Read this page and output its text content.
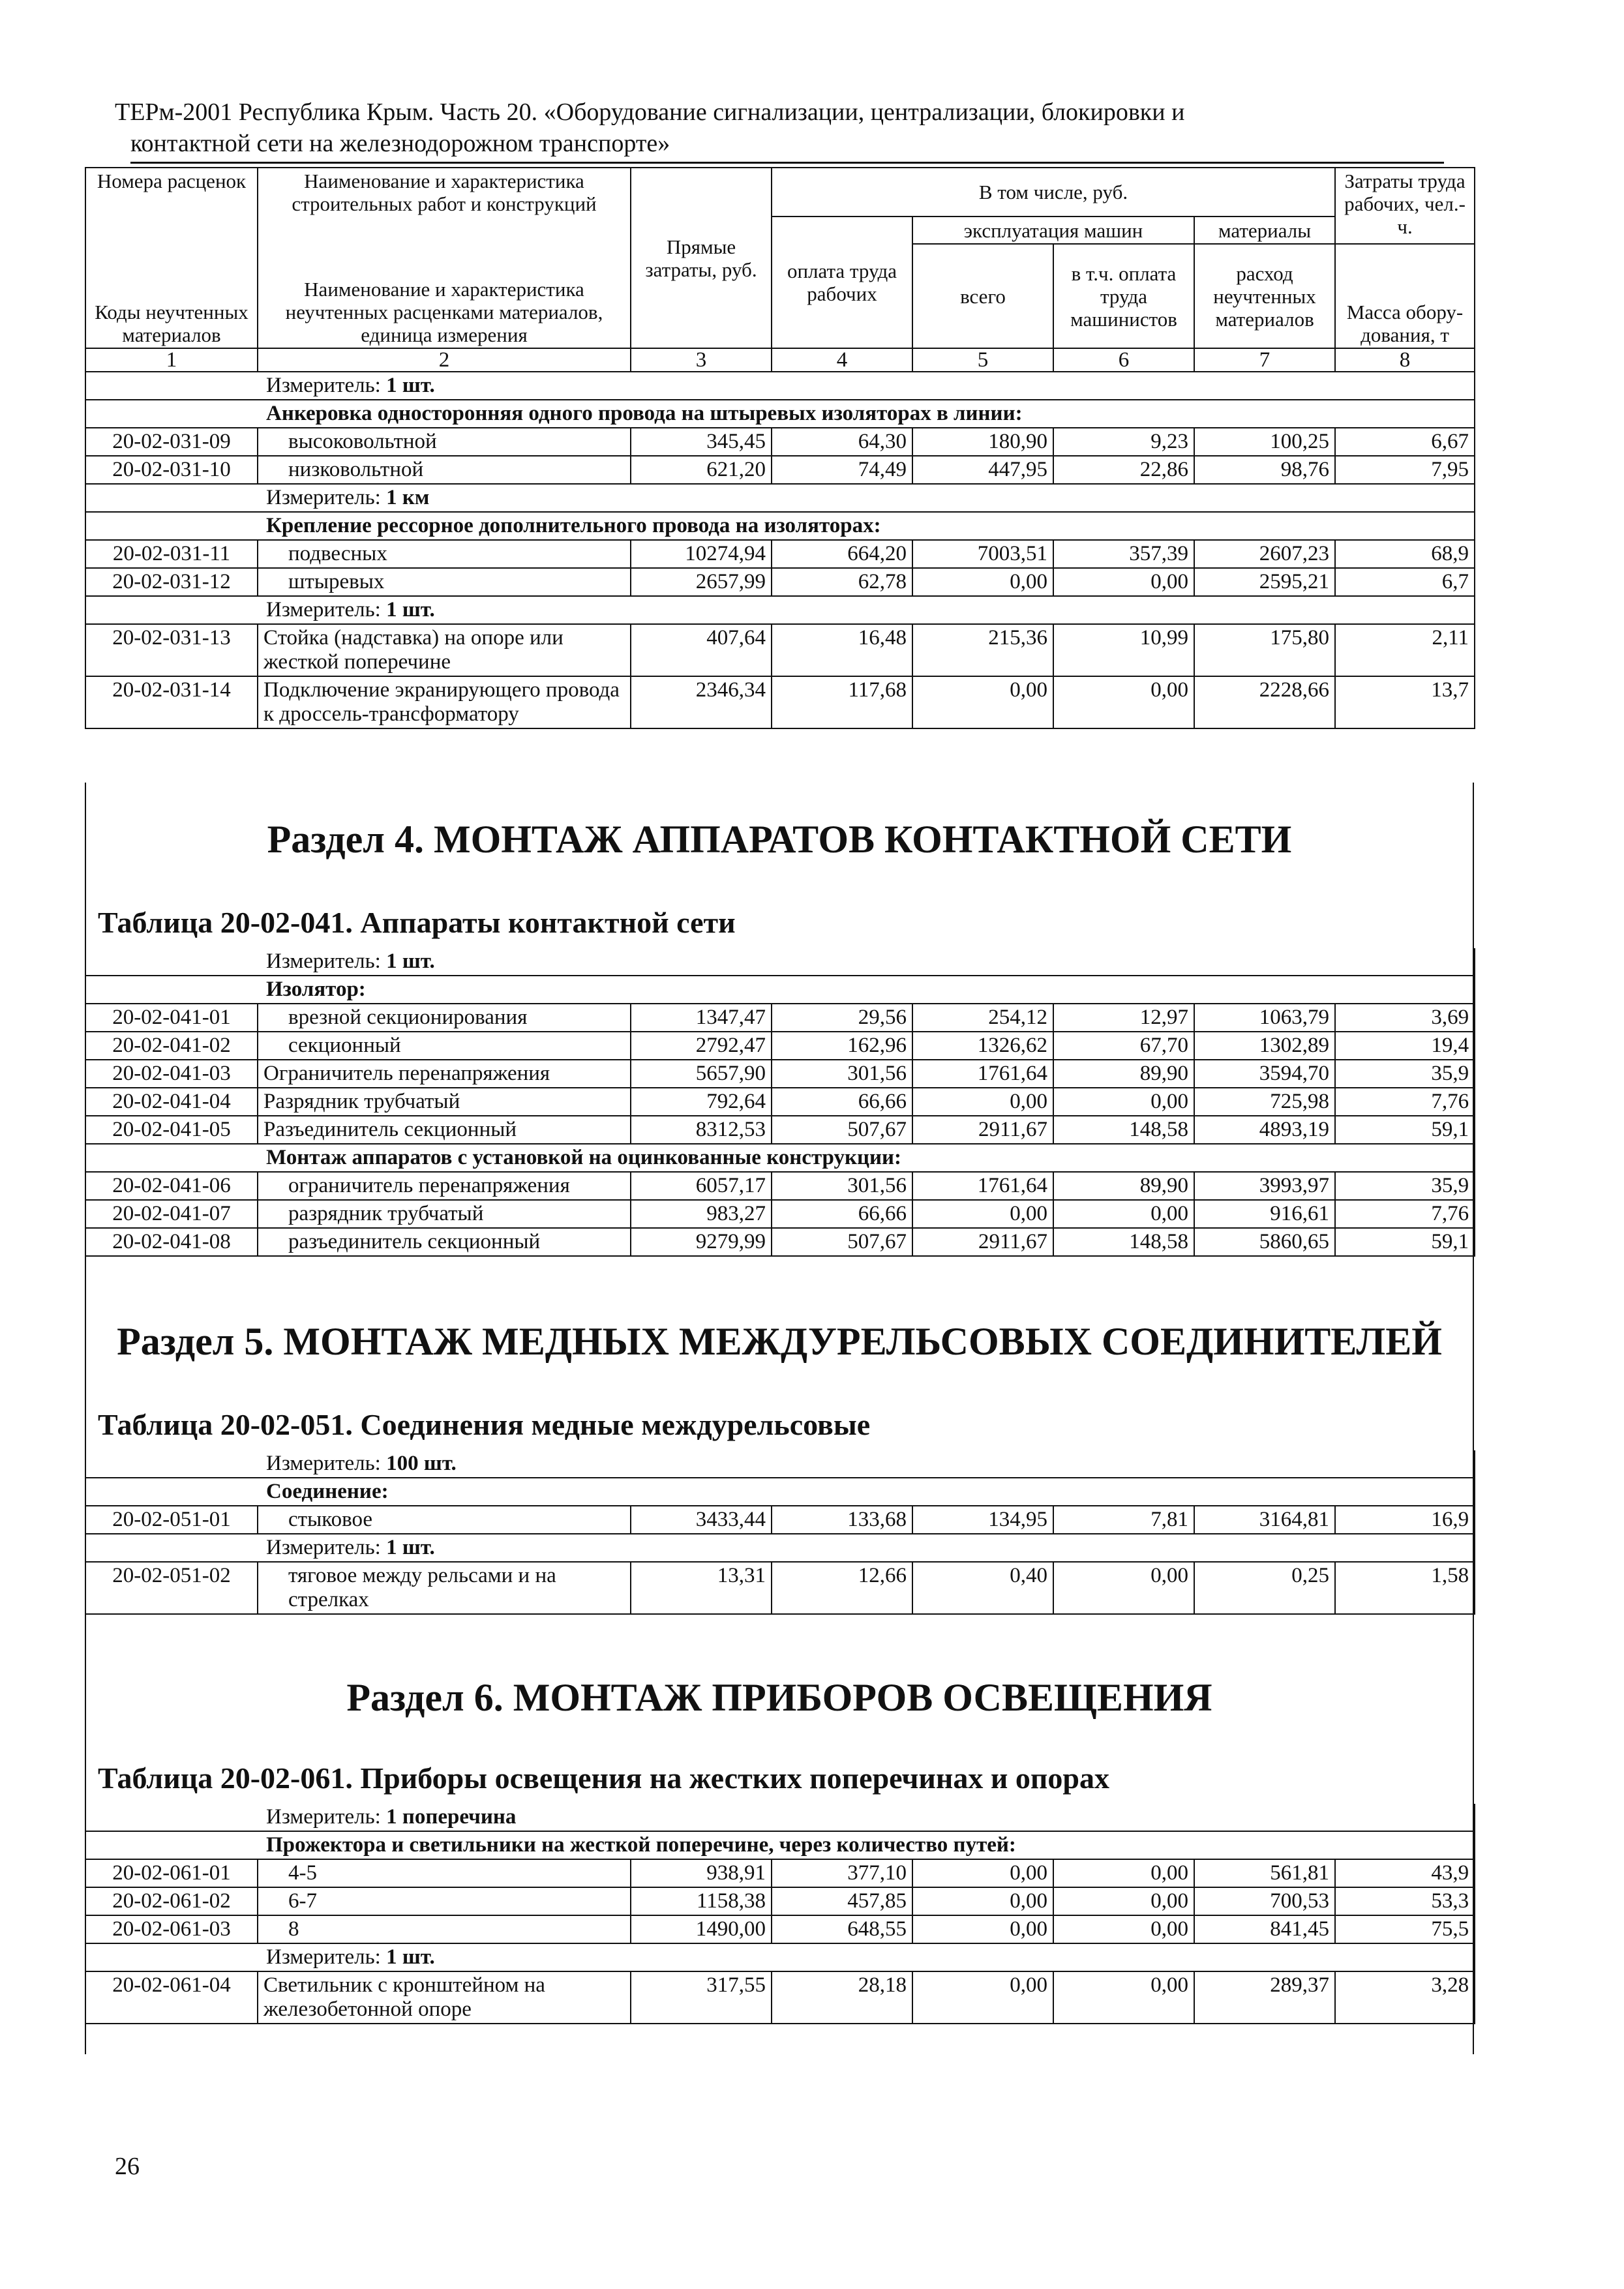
ТЕРм-2001 Республика Крым. Часть 20. «Оборудование сигнализации, централизации, блокировки и
контактной сети на железнодорожном транспорте»
Номера расценок	Наименование и характеристика строительных работ и конструкций	Прямые затраты, руб.	В том числе, руб.				Затраты труда рабочих, чел.-ч.
			оплата труда рабочих	эксплуатация машин		материалы	
Коды неучтенных материалов	Наименование и характеристика неучтенных расценками материалов, единица измерения			всего	в т.ч. оплата труда машинистов	расход неучтенных материалов	Масса обору-дования, т
1	2	3	4	5	6	7	8
Измеритель: 1 шт.							
Анкеровка односторонняя одного провода на штыревых изоляторах в линии:							
20-02-031-09	высоковольтной	345,45	64,30	180,90	9,23	100,25	6,67
20-02-031-10	низковольтной	621,20	74,49	447,95	22,86	98,76	7,95
Измеритель: 1 км							
Крепление рессорное дополнительного провода на изоляторах:							
20-02-031-11	подвесных	10274,94	664,20	7003,51	357,39	2607,23	68,9
20-02-031-12	штыревых	2657,99	62,78	0,00	0,00	2595,21	6,7
Измеритель: 1 шт.							
20-02-031-13	Стойка (надставка) на опоре или жесткой поперечине	407,64	16,48	215,36	10,99	175,80	2,11
20-02-031-14	Подключение экранирующего провода к дроссель-трансформатору	2346,34	117,68	0,00	0,00	2228,66	13,7
Раздел 4. МОНТАЖ АППАРАТОВ КОНТАКТНОЙ СЕТИ
Таблица 20-02-041. Аппараты контактной сети
Измеритель: 1 шт.							
Изолятор:							
20-02-041-01	врезной секционирования	1347,47	29,56	254,12	12,97	1063,79	3,69
20-02-041-02	секционный	2792,47	162,96	1326,62	67,70	1302,89	19,4
20-02-041-03	Ограничитель перенапряжения	5657,90	301,56	1761,64	89,90	3594,70	35,9
20-02-041-04	Разрядник трубчатый	792,64	66,66	0,00	0,00	725,98	7,76
20-02-041-05	Разъединитель секционный	8312,53	507,67	2911,67	148,58	4893,19	59,1
Монтаж аппаратов с установкой на оцинкованные конструкции:							
20-02-041-06	ограничитель перенапряжения	6057,17	301,56	1761,64	89,90	3993,97	35,9
20-02-041-07	разрядник трубчатый	983,27	66,66	0,00	0,00	916,61	7,76
20-02-041-08	разъединитель секционный	9279,99	507,67	2911,67	148,58	5860,65	59,1
Раздел 5. МОНТАЖ МЕДНЫХ МЕЖДУРЕЛЬСОВЫХ СОЕДИНИТЕЛЕЙ
Таблица 20-02-051. Соединения медные междурельсовые
Измеритель: 100 шт.							
Соединение:							
20-02-051-01	стыковое	3433,44	133,68	134,95	7,81	3164,81	16,9
Измеритель: 1 шт.							
20-02-051-02	тяговое между рельсами и на стрелках	13,31	12,66	0,40	0,00	0,25	1,58
Раздел 6. МОНТАЖ ПРИБОРОВ ОСВЕЩЕНИЯ
Таблица 20-02-061. Приборы освещения на жестких поперечинах и опорах
Измеритель: 1 поперечина							
Прожектора и светильники на жесткой поперечине, через количество путей:							
20-02-061-01	4-5	938,91	377,10	0,00	0,00	561,81	43,9
20-02-061-02	6-7	1158,38	457,85	0,00	0,00	700,53	53,3
20-02-061-03	8	1490,00	648,55	0,00	0,00	841,45	75,5
Измеритель: 1 шт.							
20-02-061-04	Светильник с кронштейном на железобетонной опоре	317,55	28,18	0,00	0,00	289,37	3,28
26
